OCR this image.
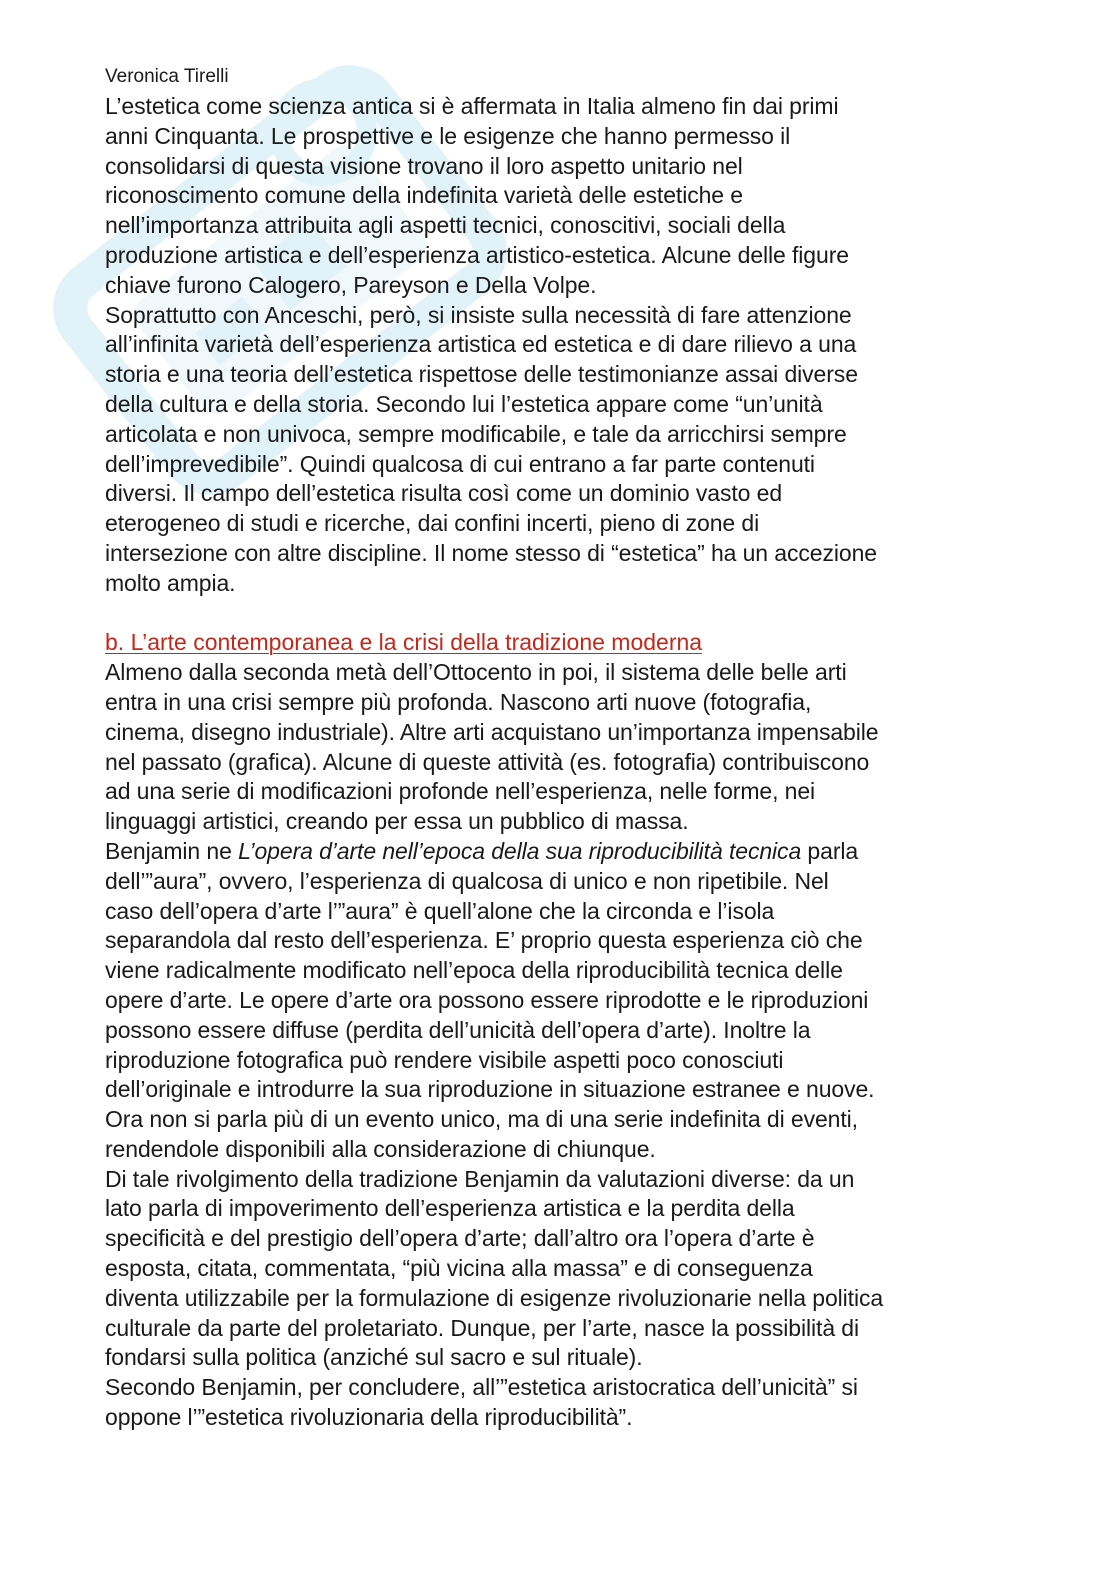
Veronica Tirelli

L’estetica come scienza antica si è affermata in Italia almeno fin dai primi
anni Cinquanta. Le prospettive e le esigenze che hanno permesso il
consolidarsi di questa visione trovano il loro aspetto unitario nel
riconoscimento comune della indefinita varietà delle estetiche e
nell’importanza attribuita agli aspetti tecnici, conoscitivi, sociali della
produzione artistica e dell’esperienza artistico-estetica. Alcune delle figure
chiave furono Calogero, Pareyson e Della Volpe.

Soprattutto con Anceschi, però, si insiste sulla necessità di fare attenzione
all’infinita varietà dell’esperienza artistica ed estetica e di dare rilievo a una
storia e una teoria dell’estetica rispettose delle testimonianze assai diverse
della cultura e della storia. Secondo lui l’estetica appare come “un’unità
articolata e non univoca, sempre modificabile, e tale da arricchirsi sempre
dell’imprevedibile”. Quindi qualcosa di cui entrano a far parte contenuti
diversi. Il campo dell’estetica risulta così come un dominio vasto ed
eterogeneo di studi e ricerche, dai confini incerti, pieno di zone di
intersezione con altre discipline. Il nome stesso di “estetica” ha un accezione
molto ampia.

b. L’arte contemporanea e la crisi della tradizione moderna

Almeno dalla seconda metà dell’Ottocento in poi, il sistema delle belle arti
entra in una crisi sempre più profonda. Nascono arti nuove (fotografia,
cinema, disegno industriale). Altre arti acquistano un’importanza impensabile
nel passato (grafica). Alcune di queste attività (es. fotografia) contribuiscono
ad una serie di modificazioni profonde nell’esperienza, nelle forme, nei
linguaggi artistici, creando per essa un pubblico di massa.

Benjamin ne L’opera d’arte nell’epoca della sua riproducibilità tecnica parla
dell’”aura”, ovvero, l’esperienza di qualcosa di unico e non ripetibile. Nel
caso dell’opera d’arte l’”aura” è quell’alone che la circonda e l’isola
separandola dal resto dell’esperienza. E’ proprio questa esperienza ciò che
viene radicalmente modificato nell’epoca della riproducibilità tecnica delle
opere d’arte. Le opere d’arte ora possono essere riprodotte e le riproduzioni
possono essere diffuse (perdita dell’unicità dell’opera d’arte). Inoltre la
riproduzione fotografica può rendere visibile aspetti poco conosciuti
dell’originale e introdurre la sua riproduzione in situazione estranee e nuove.
Ora non si parla più di un evento unico, ma di una serie indefinita di eventi,
rendendole disponibili alla considerazione di chiunque.

Di tale rivolgimento della tradizione Benjamin da valutazioni diverse: da un
lato parla di impoverimento dell’esperienza artistica e la perdita della
specificità e del prestigio dell’opera d’arte; dall’altro ora l’opera d’arte è
esposta, citata, commentata, “più vicina alla massa” e di conseguenza
diventa utilizzabile per la formulazione di esigenze rivoluzionarie nella politica
culturale da parte del proletariato. Dunque, per l’arte, nasce la possibilità di
fondarsi sulla politica (anziché sul sacro e sul rituale).

Secondo Benjamin, per concludere, all’”estetica aristocratica dell’unicità” si
oppone l’”estetica rivoluzionaria della riproducibilità”.
